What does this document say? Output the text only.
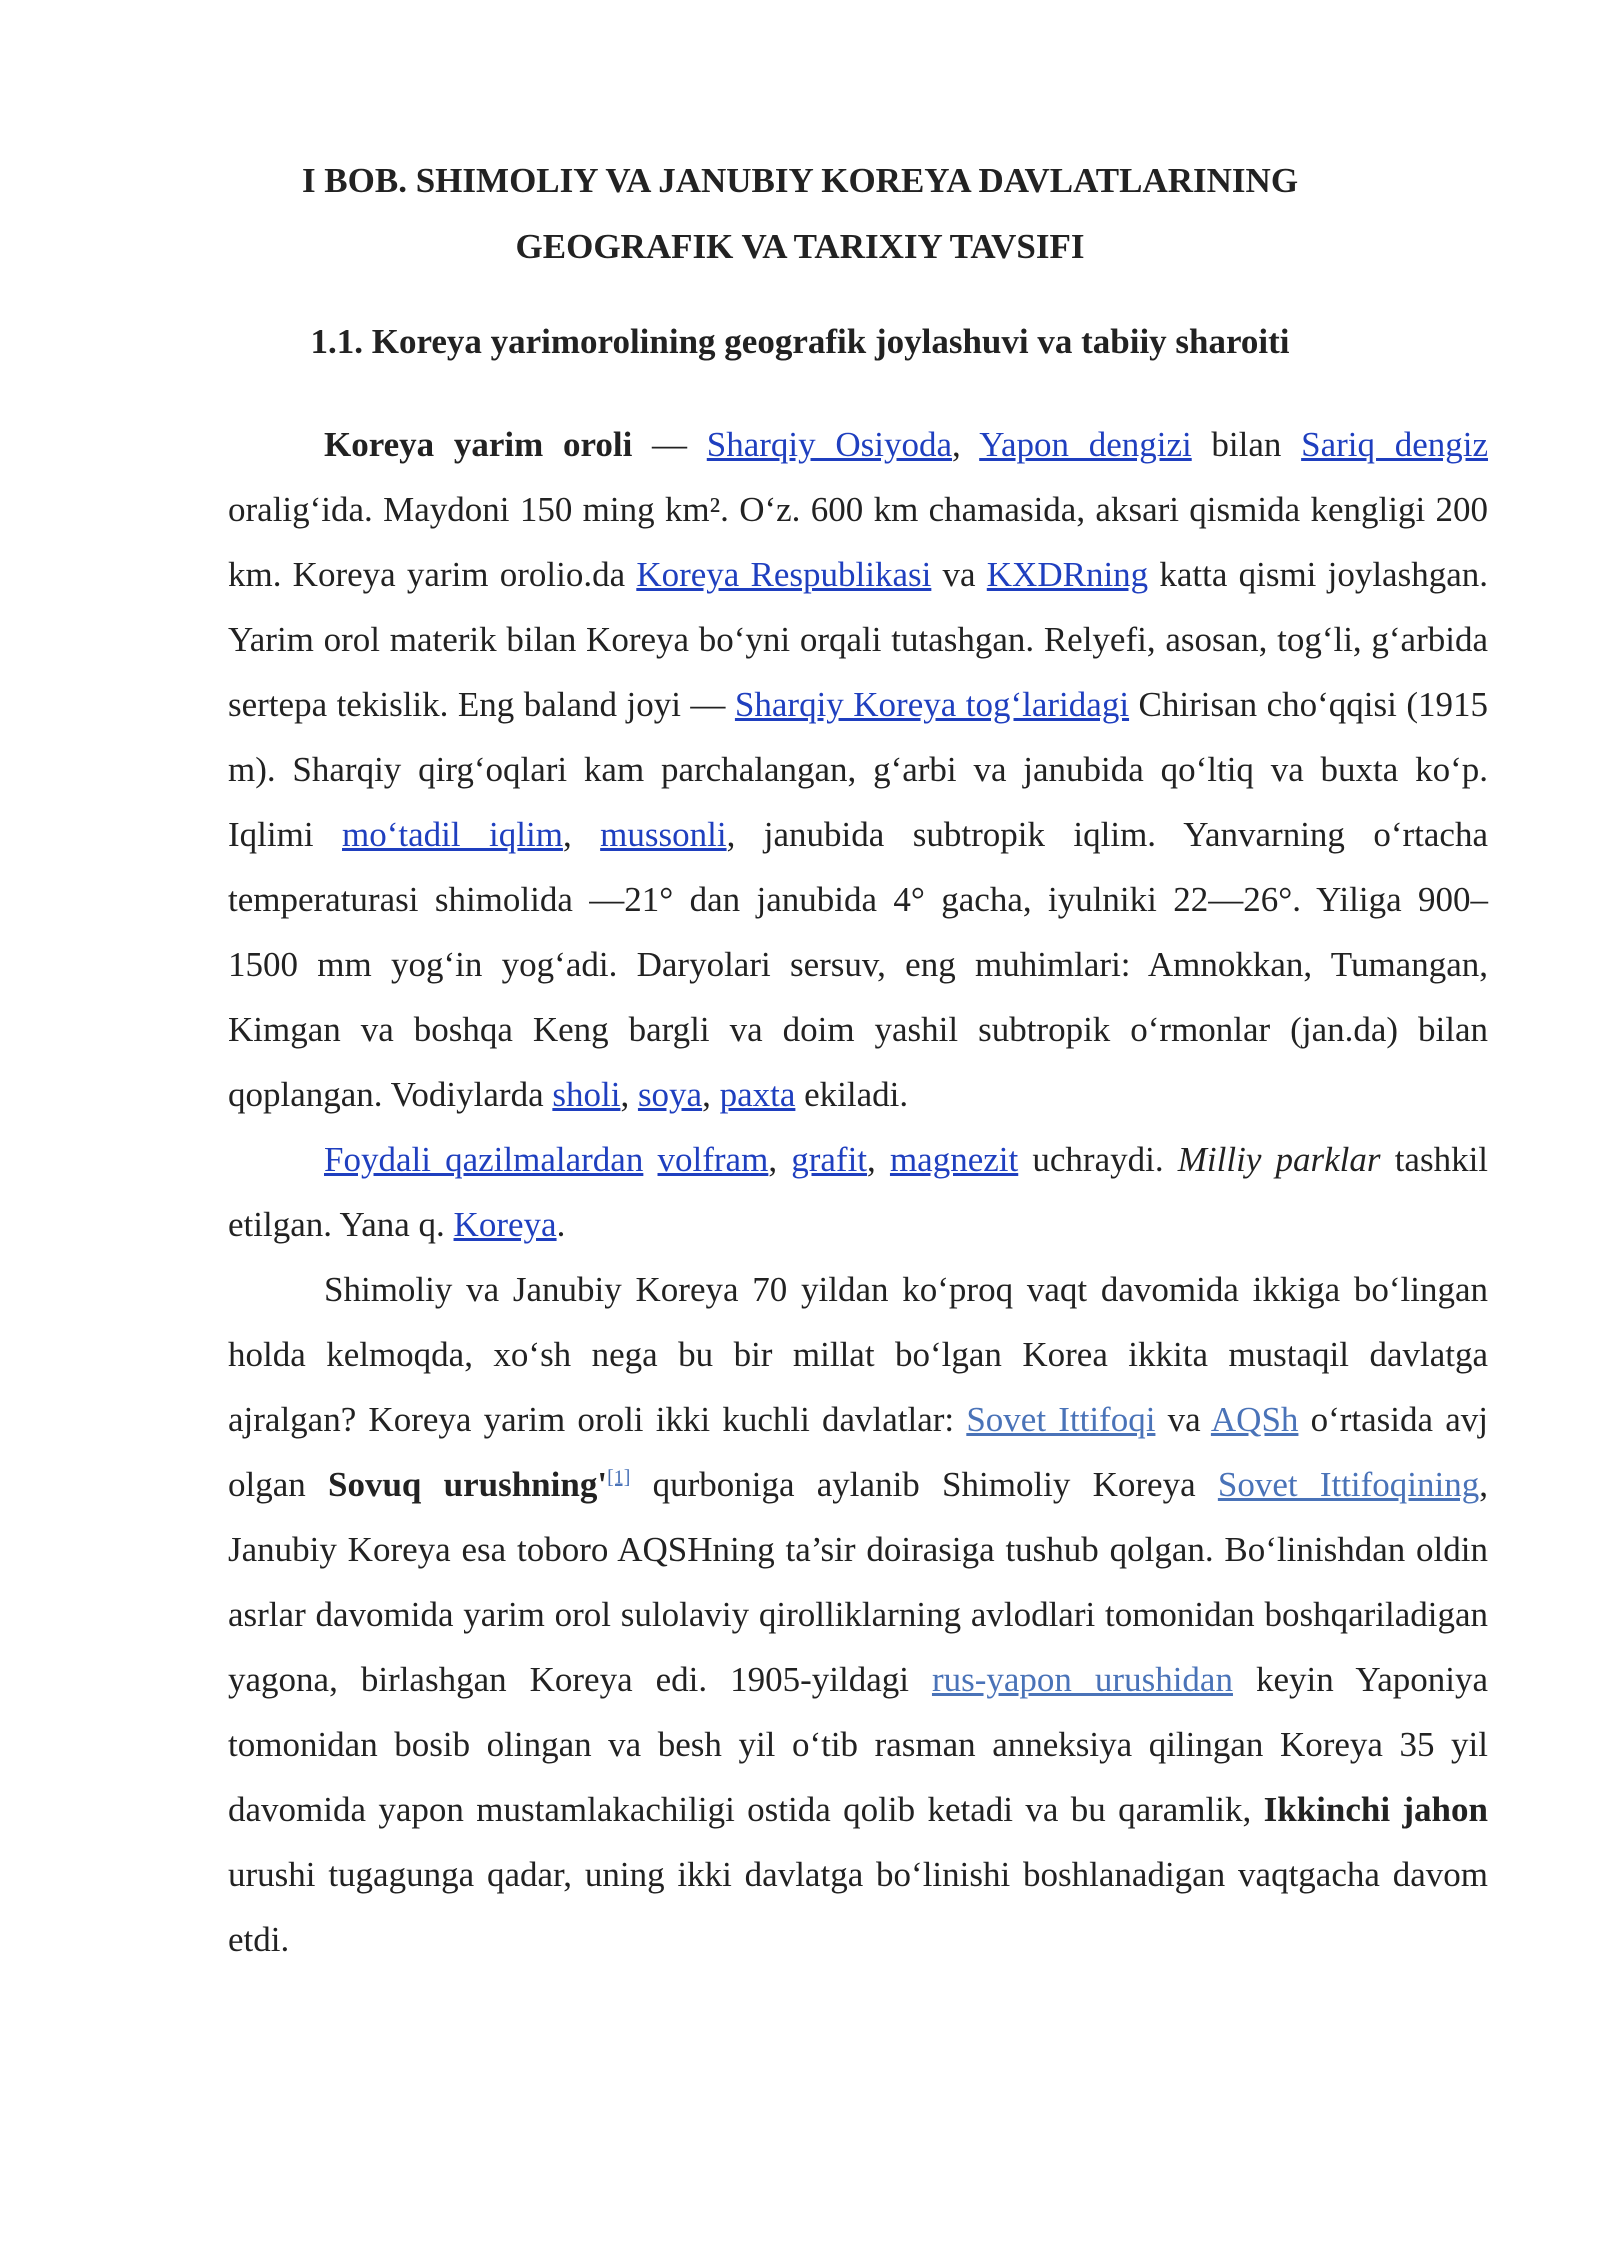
I BOB. SHIMOLIY VA JANUBIY KOREYA DAVLATLARINING
GEOGRAFIK VA TARIXIY TAVSIFI
1.1. Koreya yarimorolining geografik joylashuvi va tabiiy sharoiti

Koreya yarim oroli — Sharqiy Osiyoda, Yapon dengizi bilan Sariq dengiz oralig‘ida. Maydoni 150 ming km². O‘z. 600 km chamasida, aksari qismida kengligi 200 km. Koreya yarim orolio.da Koreya Respublikasi va KXDRning katta qismi joylashgan. Yarim orol materik bilan Koreya bo‘yni orqali tutashgan. Relyefi, asosan, tog‘li, g‘arbida sertepa tekislik. Eng baland joyi — Sharqiy Koreya tog‘laridagi Chirisan cho‘qqisi (1915 m). Sharqiy qirg‘oqlari kam parchalangan, g‘arbi va janubida qo‘ltiq va buxta ko‘p. Iqlimi mo‘tadil iqlim, mussonli, janubida subtropik iqlim. Yanvarning o‘rtacha temperaturasi shimolida —21° dan janubida 4° gacha, iyulniki 22—26°. Yiliga 900– 1500 mm yog‘in yog‘adi. Daryolari sersuv, eng muhimlari: Amnokkan, Tumangan, Kimgan va boshqa Keng bargli va doim yashil subtropik o‘rmonlar (jan.da) bilan qoplangan. Vodiylarda sholi, soya, paxta ekiladi.

Foydali qazilmalardan volfram, grafit, magnezit uchraydi. Milliy parklar tashkil etilgan. Yana q. Koreya.

Shimoliy va Janubiy Koreya 70 yildan ko‘proq vaqt davomida ikkiga bo‘lingan holda kelmoqda, xo‘sh nega bu bir millat bo‘lgan Korea ikkita mustaqil davlatga ajralgan? Koreya yarim oroli ikki kuchli davlatlar: Sovet Ittifoqi va AQSh o‘rtasida avj olgan Sovuq urushning'[1] qurboniga aylanib Shimoliy Koreya Sovet Ittifoqining, Janubiy Koreya esa toboro AQSHning ta’sir doirasiga tushub qolgan. Bo‘linishdan oldin asrlar davomida yarim orol sulolaviy qirolliklarning avlodlari tomonidan boshqariladigan yagona, birlashgan Koreya edi. 1905-yildagi rus-yapon urushidan keyin Yaponiya tomonidan bosib olingan va besh yil o‘tib rasman anneksiya qilingan Koreya 35 yil davomida yapon mustamlakachiligi ostida qolib ketadi va bu qaramlik, Ikkinchi jahon urushi tugagunga qadar, uning ikki davlatga bo‘linishi boshlanadigan vaqtgacha davom etdi.
